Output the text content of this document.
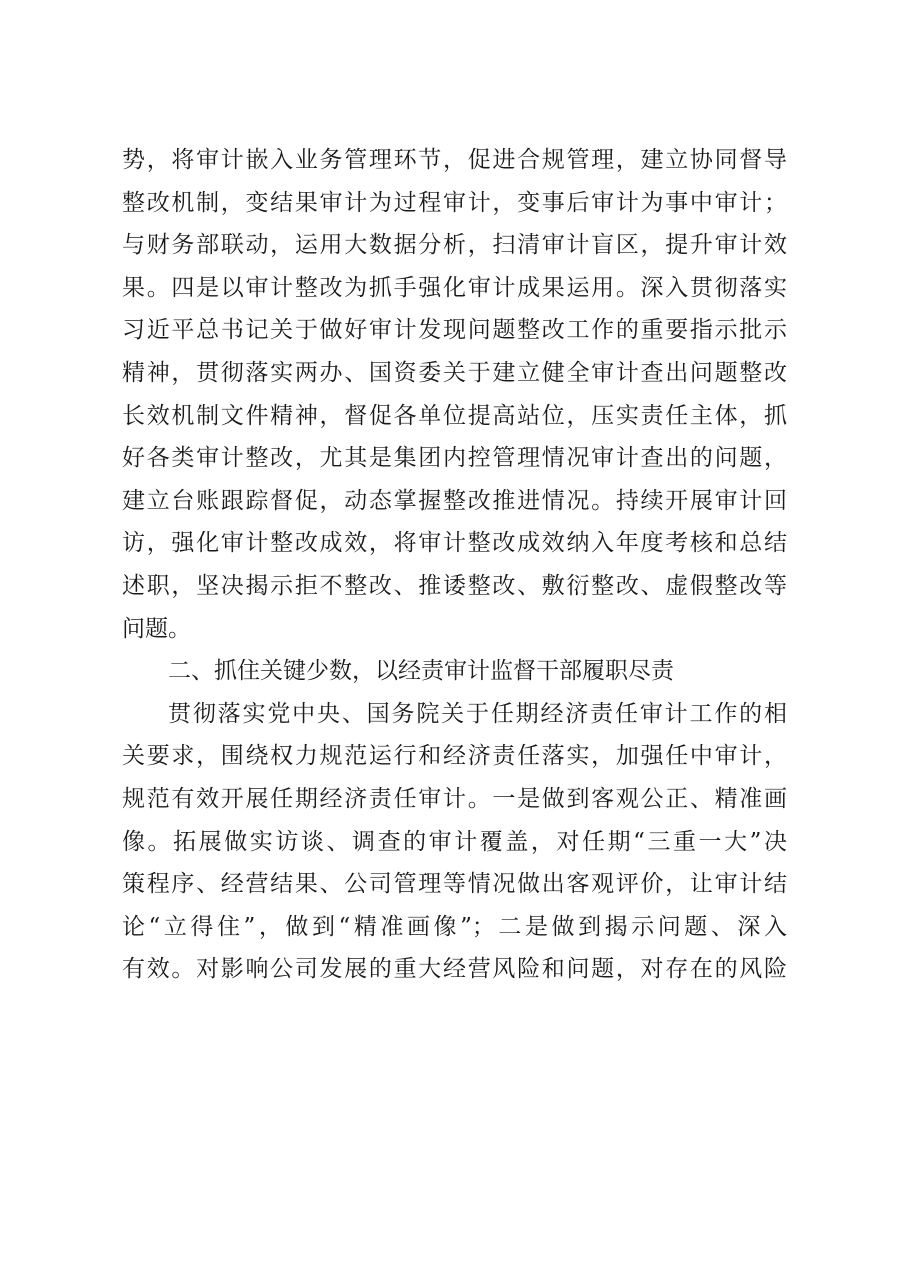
势，将审计嵌入业务管理环节，促进合规管理，建立协同督导
整改机制，变结果审计为过程审计，变事后审计为事中审计；
与财务部联动，运用大数据分析，扫清审计盲区，提升审计效
果。四是以审计整改为抓手强化审计成果运用。深入贯彻落实
习近平总书记关于做好审计发现问题整改工作的重要指示批示
精神，贯彻落实两办、国资委关于建立健全审计查出问题整改
长效机制文件精神，督促各单位提高站位，压实责任主体，抓
好各类审计整改，尤其是集团内控管理情况审计查出的问题，
建立台账跟踪督促，动态掌握整改推进情况。持续开展审计回
访，强化审计整改成效，将审计整改成效纳入年度考核和总结
述职，坚决揭示拒不整改、推诿整改、敷衍整改、虚假整改等
问题。
二、抓住关键少数，以经责审计监督干部履职尽责
贯彻落实党中央、国务院关于任期经济责任审计工作的相
关要求，围绕权力规范运行和经济责任落实，加强任中审计，
规范有效开展任期经济责任审计。一是做到客观公正、精准画
像。拓展做实访谈、调查的审计覆盖，对任期“三重一大”决
策程序、经营结果、公司管理等情况做出客观评价，让审计结
论“立得住”，做到“精准画像”；二是做到揭示问题、深入
有效。对影响公司发展的重大经营风险和问题，对存在的风险
